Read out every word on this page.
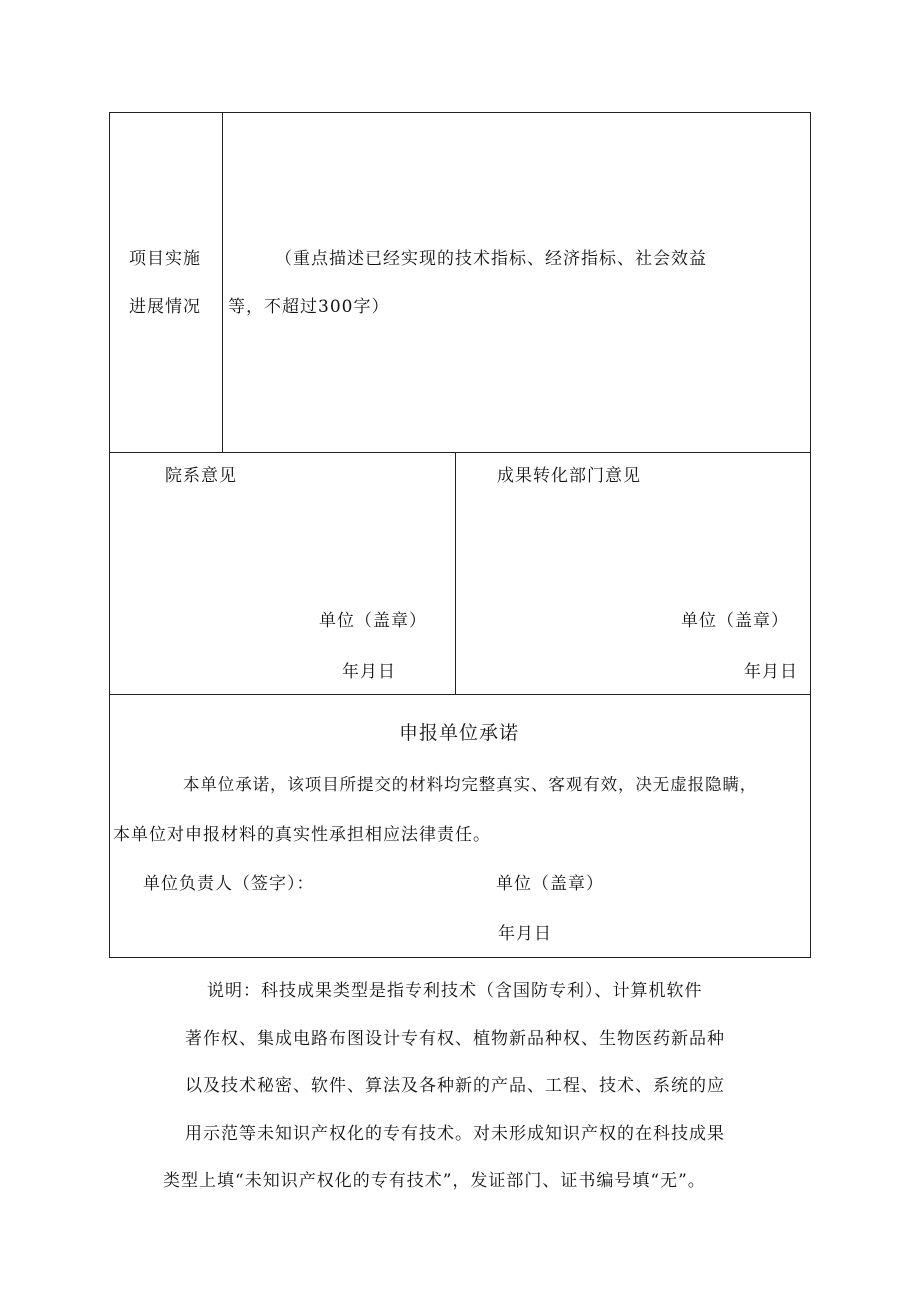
项目实施
进展情况
（重点描述已经实现的技术指标、经济指标、社会效益
等，不超过300字）
院系意见
单位（盖章）
年月日
成果转化部门意见
单位（盖章）
年月日
申报单位承诺
本单位承诺，该项目所提交的材料均完整真实、客观有效，决无虚报隐瞒，
本单位对申报材料的真实性承担相应法律责任。
单位负责人（签字）：	单位（盖章）
年月日
说明：科技成果类型是指专利技术（含国防专利）、计算机软件
著作权、集成电路布图设计专有权、植物新品种权、生物医药新品种
以及技术秘密、软件、算法及各种新的产品、工程、技术、系统的应
用示范等未知识产权化的专有技术。对未形成知识产权的在科技成果
类型上填“未知识产权化的专有技术”，发证部门、证书编号填“无”。
